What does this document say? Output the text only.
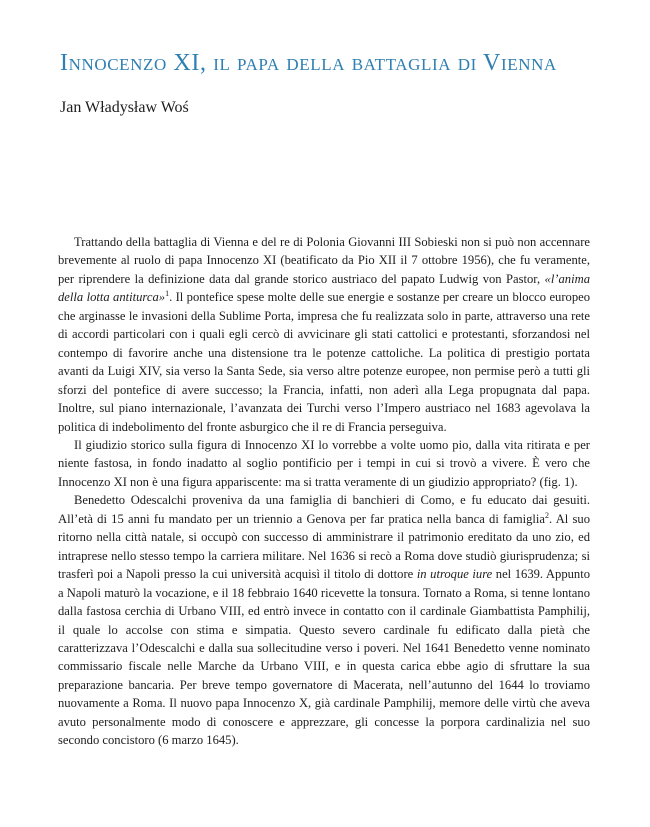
Innocenzo XI, il papa della battaglia di Vienna

Jan Władysław Woś

Trattando della battaglia di Vienna e del re di Polonia Giovanni III Sobieski non si può non accennare brevemente al ruolo di papa Innocenzo XI (beatificato da Pio XII il 7 ottobre 1956), che fu veramente, per riprendere la definizione data dal grande storico austriaco del papato Ludwig von Pastor, «l’anima della lotta antiturca»$^1$. Il pontefice spese molte delle sue energie e sostanze per creare un blocco europeo che arginasse le invasioni della Sublime Porta, impresa che fu realizzata solo in parte, attraverso una rete di accordi particolari con i quali egli cercò di avvicinare gli stati cattolici e protestanti, sforzandosi nel contempo di favorire anche una distensione tra le potenze cattoliche. La politica di prestigio portata avanti da Luigi XIV, sia verso la Santa Sede, sia verso altre potenze europee, non permise però a tutti gli sforzi del pontefice di avere successo; la Francia, infatti, non aderì alla Lega propugnata dal papa. Inoltre, sul piano internazionale, l’avanzata dei Turchi verso l’Impero austriaco nel 1683 agevolava la politica di indebolimento del fronte asburgico che il re di Francia perseguiva.

Il giudizio storico sulla figura di Innocenzo XI lo vorrebbe a volte uomo pio, dalla vita ritirata e per niente fastosa, in fondo inadatto al soglio pontificio per i tempi in cui si trovò a vivere. È vero che Innocenzo XI non è una figura appariscente: ma si tratta veramente di un giudizio appropriato? (fig. 1).

Benedetto Odescalchi proveniva da una famiglia di banchieri di Como, e fu educato dai gesuiti. All’età di 15 anni fu mandato per un triennio a Genova per far pratica nella banca di famiglia$^2$. Al suo ritorno nella città natale, si occupò con successo di amministrare il patrimonio ereditato da uno zio, ed intraprese nello stesso tempo la carriera militare. Nel 1636 si recò a Roma dove studiò giurisprudenza; si trasferì poi a Napoli presso la cui università acquisì il titolo di dottore in utroque iure nel 1639. Appunto a Napoli maturò la vocazione, e il 18 febbraio 1640 ricevette la tonsura. Tornato a Roma, si tenne lontano dalla fastosa cerchia di Urbano VIII, ed entrò invece in contatto con il cardinale Giambattista Pamphilij, il quale lo accolse con stima e simpatia. Questo severo cardinale fu edificato dalla pietà che caratterizzava l’Odescalchi e dalla sua sollecitudine verso i poveri. Nel 1641 Benedetto venne nominato commissario fiscale nelle Marche da Urbano VIII, e in questa carica ebbe agio di sfruttare la sua preparazione bancaria. Per breve tempo governatore di Macerata, nell’autunno del 1644 lo troviamo nuovamente a Roma. Il nuovo papa Innocenzo X, già cardinale Pamphilij, memore delle virtù che aveva avuto personalmente modo di conoscere e apprezzare, gli concesse la porpora cardinalizia nel suo secondo concistoro (6 marzo 1645).
